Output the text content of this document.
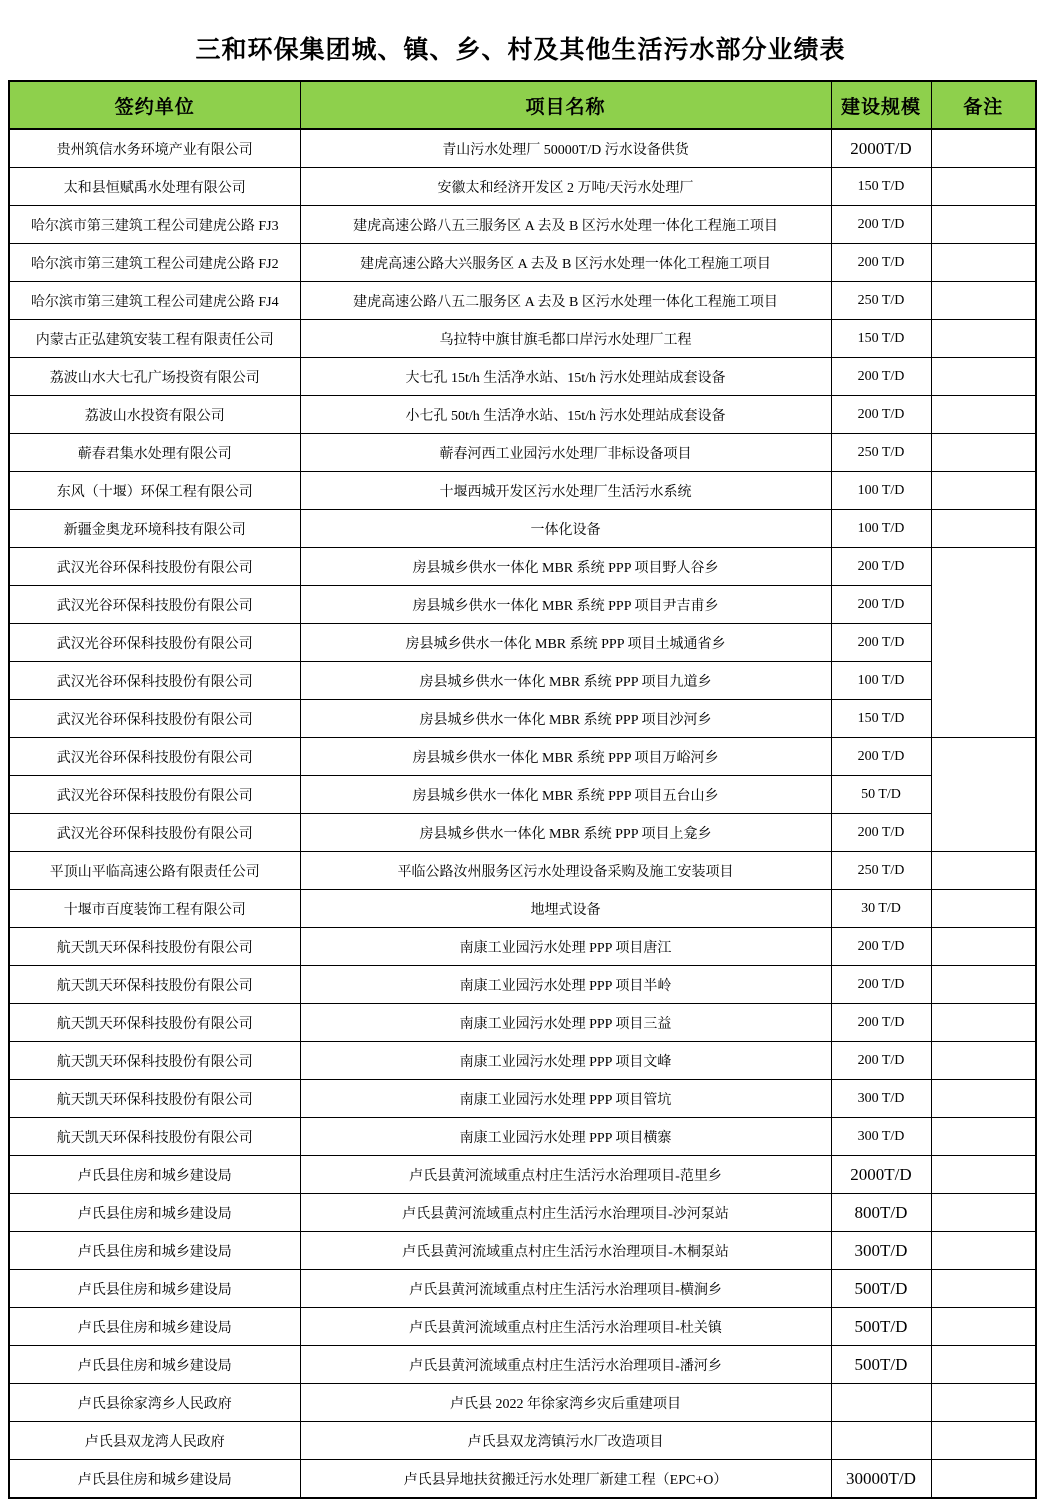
三和环保集团城、镇、乡、村及其他生活污水部分业绩表
签约单位	项目名称	建设规模	备注
贵州筑信水务环境产业有限公司	青山污水处理厂 50000T/D 污水设备供货	2000T/D	
太和县恒赋禹水处理有限公司	安徽太和经济开发区 2 万吨/天污水处理厂	150 T/D	
哈尔滨市第三建筑工程公司建虎公路 FJ3	建虎高速公路八五三服务区 A 去及 B 区污水处理一体化工程施工项目	200 T/D	
哈尔滨市第三建筑工程公司建虎公路 FJ2	建虎高速公路大兴服务区 A 去及 B 区污水处理一体化工程施工项目	200 T/D	
哈尔滨市第三建筑工程公司建虎公路 FJ4	建虎高速公路八五二服务区 A 去及 B 区污水处理一体化工程施工项目	250 T/D	
内蒙古正弘建筑安装工程有限责任公司	乌拉特中旗甘旗毛都口岸污水处理厂工程	150 T/D	
荔波山水大七孔广场投资有限公司	大七孔 15t/h 生活净水站、15t/h 污水处理站成套设备	200 T/D	
荔波山水投资有限公司	小七孔 50t/h 生活净水站、15t/h 污水处理站成套设备	200 T/D	
蕲春君集水处理有限公司	蕲春河西工业园污水处理厂非标设备项目	250 T/D	
东风（十堰）环保工程有限公司	十堰西城开发区污水处理厂生活污水系统	100 T/D	
新疆金奥龙环境科技有限公司	一体化设备	100 T/D	
武汉光谷环保科技股份有限公司	房县城乡供水一体化 MBR 系统 PPP 项目野人谷乡	200 T/D	
武汉光谷环保科技股份有限公司	房县城乡供水一体化 MBR 系统 PPP 项目尹吉甫乡	200 T/D	
武汉光谷环保科技股份有限公司	房县城乡供水一体化 MBR 系统 PPP 项目土城通省乡	200 T/D	
武汉光谷环保科技股份有限公司	房县城乡供水一体化 MBR 系统 PPP 项目九道乡	100 T/D	
武汉光谷环保科技股份有限公司	房县城乡供水一体化 MBR 系统 PPP 项目沙河乡	150 T/D	
武汉光谷环保科技股份有限公司	房县城乡供水一体化 MBR 系统 PPP 项目万峪河乡	200 T/D	
武汉光谷环保科技股份有限公司	房县城乡供水一体化 MBR 系统 PPP 项目五台山乡	50 T/D	
武汉光谷环保科技股份有限公司	房县城乡供水一体化 MBR 系统 PPP 项目上龛乡	200 T/D	
平顶山平临高速公路有限责任公司	平临公路汝州服务区污水处理设备采购及施工安装项目	250 T/D	
十堰市百度装饰工程有限公司	地埋式设备	30 T/D	
航天凯天环保科技股份有限公司	南康工业园污水处理 PPP 项目唐江	200 T/D	
航天凯天环保科技股份有限公司	南康工业园污水处理 PPP 项目半岭	200 T/D	
航天凯天环保科技股份有限公司	南康工业园污水处理 PPP 项目三益	200 T/D	
航天凯天环保科技股份有限公司	南康工业园污水处理 PPP 项目文峰	200 T/D	
航天凯天环保科技股份有限公司	南康工业园污水处理 PPP 项目管坑	300 T/D	
航天凯天环保科技股份有限公司	南康工业园污水处理 PPP 项目横寨	300 T/D	
卢氏县住房和城乡建设局	卢氏县黄河流域重点村庄生活污水治理项目-范里乡	2000T/D	
卢氏县住房和城乡建设局	卢氏县黄河流域重点村庄生活污水治理项目-沙河泵站	800T/D	
卢氏县住房和城乡建设局	卢氏县黄河流域重点村庄生活污水治理项目-木桐泵站	300T/D	
卢氏县住房和城乡建设局	卢氏县黄河流域重点村庄生活污水治理项目-横涧乡	500T/D	
卢氏县住房和城乡建设局	卢氏县黄河流域重点村庄生活污水治理项目-杜关镇	500T/D	
卢氏县住房和城乡建设局	卢氏县黄河流域重点村庄生活污水治理项目-潘河乡	500T/D	
卢氏县徐家湾乡人民政府	卢氏县 2022 年徐家湾乡灾后重建项目		
卢氏县双龙湾人民政府	卢氏县双龙湾镇污水厂改造项目		
卢氏县住房和城乡建设局	卢氏县异地扶贫搬迁污水处理厂新建工程（EPC+O）	30000T/D	
